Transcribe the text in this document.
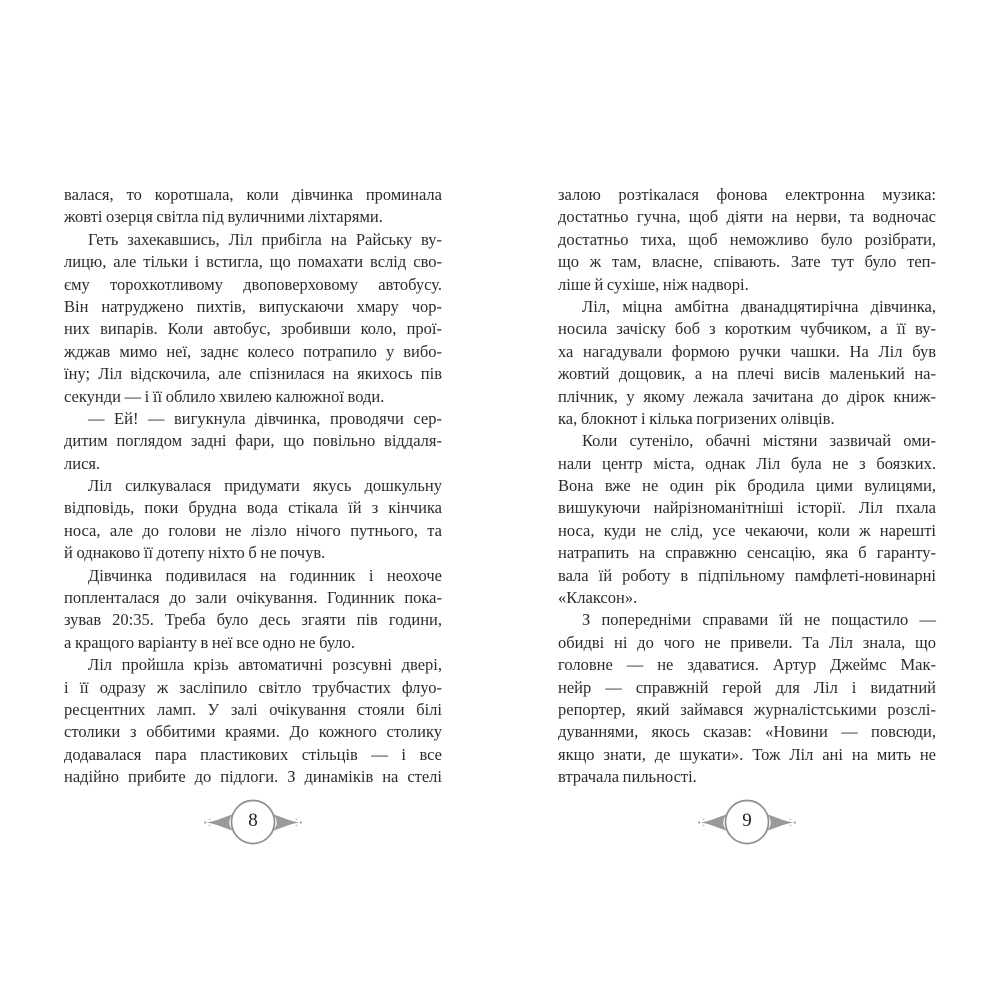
валася, то коротшала, коли дівчинка проминала
жовті озерця світла під вуличними ліхтарями.
Геть захекавшись, Ліл прибігла на Райську ву-
лицю, але тільки і встигла, що помахати вслід сво-
єму торохкотливому двоповерховому автобусу.
Він натруджено пихтів, випускаючи хмару чор-
них випарів. Коли автобус, зробивши коло, прої-
жджав мимо неї, заднє колесо потрапило у вибо-
їну; Ліл відскочила, але спізнилася на якихось пів
секунди — і її облило хвилею калюжної води.
— Ей! — вигукнула дівчинка, проводячи сер-
дитим поглядом задні фари, що повільно віддаля-
лися.
Ліл силкувалася придумати якусь дошкульну
відповідь, поки брудна вода стікала їй з кінчика
носа, але до голови не лізло нічого путнього, та
й однаково її дотепу ніхто б не почув.
Дівчинка подивилася на годинник і неохоче
попленталася до зали очікування. Годинник пока-
зував 20:35. Треба було десь згаяти пів години,
а кращого варіанту в неї все одно не було.
Ліл пройшла крізь автоматичні розсувні двері,
і її одразу ж засліпило світло трубчастих флуо-
ресцентних ламп. У залі очікування стояли білі
столики з оббитими краями. До кожного столику
додавалася пара пластикових стільців — і все
надійно прибите до підлоги. З динаміків на стелі
8
залою розтікалася фонова електронна музика:
достатньо гучна, щоб діяти на нерви, та водночас
достатньо тиха, щоб неможливо було розібрати,
що ж там, власне, співають. Зате тут було теп-
ліше й сухіше, ніж надворі.
Ліл, міцна амбітна дванадцятирічна дівчинка,
носила зачіску боб з коротким чубчиком, а її ву-
ха нагадували формою ручки чашки. На Ліл був
жовтий дощовик, а на плечі висів маленький на-
плічник, у якому лежала зачитана до дірок книж-
ка, блокнот і кілька погризених олівців.
Коли сутеніло, обачні містяни зазвичай оми-
нали центр міста, однак Ліл була не з боязких.
Вона вже не один рік бродила цими вулицями,
вишукуючи найрізноманітніші історії. Ліл пхала
носа, куди не слід, усе чекаючи, коли ж нарешті
натрапить на справжню сенсацію, яка б гаранту-
вала їй роботу в підпільному памфлеті-новинарні
«Клаксон».
З попередніми справами їй не пощастило —
обидві ні до чого не привели. Та Ліл знала, що
головне — не здаватися. Артур Джеймс Мак-
нейр — справжній герой для Ліл і видатний
репортер, який займався журналістськими розслі-
дуваннями, якось сказав: «Новини — повсюди,
якщо знати, де шукати». Тож Ліл ані на мить не
втрачала пильності.
9
